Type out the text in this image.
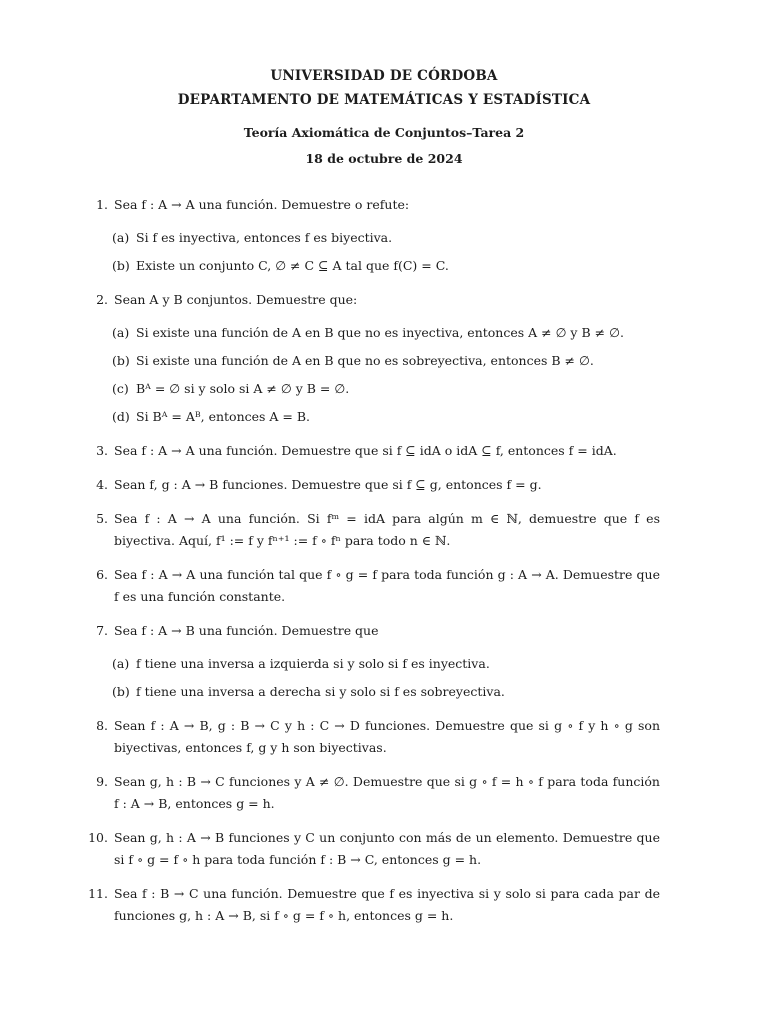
UNIVERSIDAD DE CÓRDOBA
DEPARTAMENTO DE MATEMÁTICAS Y ESTADÍSTICA
Teoría Axiomática de Conjuntos–Tarea 2
18 de octubre de 2024
1. Sea f : A → A una función. Demuestre o refute:
(a) Si f es inyectiva, entonces f es biyectiva.
(b) Existe un conjunto C, ∅ ≠ C ⊆ A tal que f(C) = C.
2. Sean A y B conjuntos. Demuestre que:
(a) Si existe una función de A en B que no es inyectiva, entonces A ≠ ∅ y B ≠ ∅.
(b) Si existe una función de A en B que no es sobreyectiva, entonces B ≠ ∅.
(c) Bᴬ = ∅ si y solo si A ≠ ∅ y B = ∅.
(d) Si Bᴬ = Aᴮ, entonces A = B.
3. Sea f : A → A una función. Demuestre que si f ⊆ idA o idA ⊆ f, entonces f = idA.
4. Sean f, g : A → B funciones. Demuestre que si f ⊆ g, entonces f = g.
5. Sea f : A → A una función. Si fᵐ = idA para algún m ∈ ℕ, demuestre que f es biyectiva. Aquí, f¹ := f y fⁿ⁺¹ := f ∘ fⁿ para todo n ∈ ℕ.
6. Sea f : A → A una función tal que f ∘ g = f para toda función g : A → A. Demuestre que f es una función constante.
7. Sea f : A → B una función. Demuestre que
(a) f tiene una inversa a izquierda si y solo si f es inyectiva.
(b) f tiene una inversa a derecha si y solo si f es sobreyectiva.
8. Sean f : A → B, g : B → C y h : C → D funciones. Demuestre que si g ∘ f y h ∘ g son biyectivas, entonces f, g y h son biyectivas.
9. Sean g, h : B → C funciones y A ≠ ∅. Demuestre que si g ∘ f = h ∘ f para toda función f : A → B, entonces g = h.
10. Sean g, h : A → B funciones y C un conjunto con más de un elemento. Demuestre que si f ∘ g = f ∘ h para toda función f : B → C, entonces g = h.
11. Sea f : B → C una función. Demuestre que f es inyectiva si y solo si para cada par de funciones g, h : A → B, si f ∘ g = f ∘ h, entonces g = h.
